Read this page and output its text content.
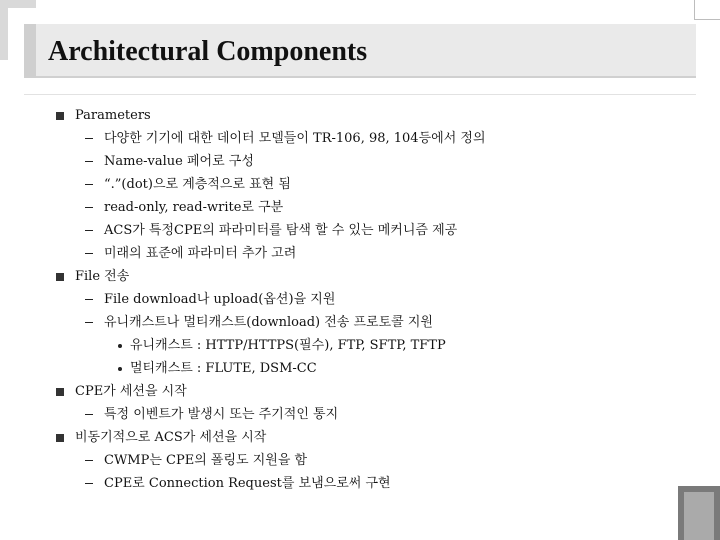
Architectural Components
Parameters
다양한 기기에 대한 데이터 모델들이 TR-106, 98, 104등에서 정의
Name-value 페어로 구성
“.”(dot)으로 계층적으로 표현 됨
read-only, read-write로 구분
ACS가 특정CPE의 파라미터를 탐색 할 수 있는 메커니즘 제공
미래의 표준에 파라미터 추가 고려
File 전송
File download나 upload(옵션)을 지원
유니캐스트나 멀티캐스트(download) 전송 프로토콜 지원
유니캐스트 : HTTP/HTTPS(필수), FTP, SFTP, TFTP
멀티캐스트 : FLUTE, DSM-CC
CPE가 세션을 시작
특정 이벤트가 발생시 또는 주기적인 통지
비동기적으로 ACS가 세션을 시작
CWMP는 CPE의 폴링도 지원을 함
CPE로 Connection Request를 보냄으로써 구현
